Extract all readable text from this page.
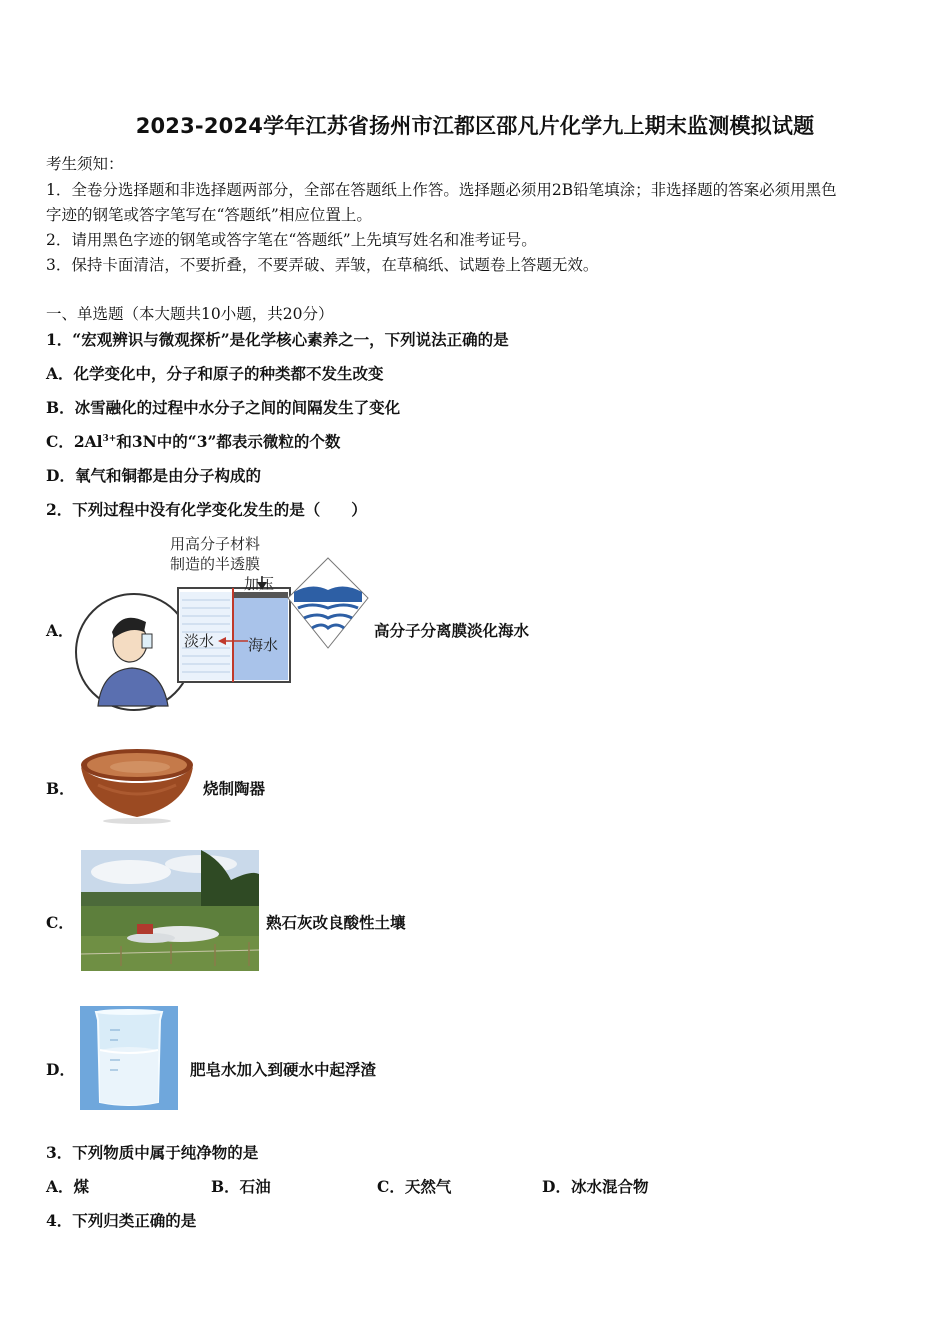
2023-2024学年江苏省扬州市江都区邵凡片化学九上期末监测模拟试题
考生须知：
1．全卷分选择题和非选择题两部分，全部在答题纸上作答。选择题必须用2B铅笔填涂；非选择题的答案必须用黑色
字迹的钢笔或答字笔写在“答题纸”相应位置上。
2．请用黑色字迹的钢笔或答字笔在“答题纸”上先填写姓名和准考证号。
3．保持卡面清洁，不要折叠，不要弄破、弄皱，在草稿纸、试题卷上答题无效。
一、单选题（本大题共10小题，共20分）
1．“宏观辨识与微观探析”是化学核心素养之一，下列说法正确的是
A．化学变化中，分子和原子的种类都不发生改变
B．冰雪融化的过程中水分子之间的间隔发生了变化
C．$2Al^{3+}$和3N中的“3”都表示微粒的个数
D．氧气和铜都是由分子构成的
2．下列过程中没有化学变化发生的是（　　）
A．
用高分子材料
制造的半透膜
加压
淡水 海水
高分子分离膜淡化海水
B．	烧制陶器
C．	熟石灰改良酸性土壤
D．	肥皂水加入到硬水中起浮渣
3．下列物质中属于纯净物的是
A．煤	B．石油	C．天然气	D．冰水混合物
4．下列归类正确的是
